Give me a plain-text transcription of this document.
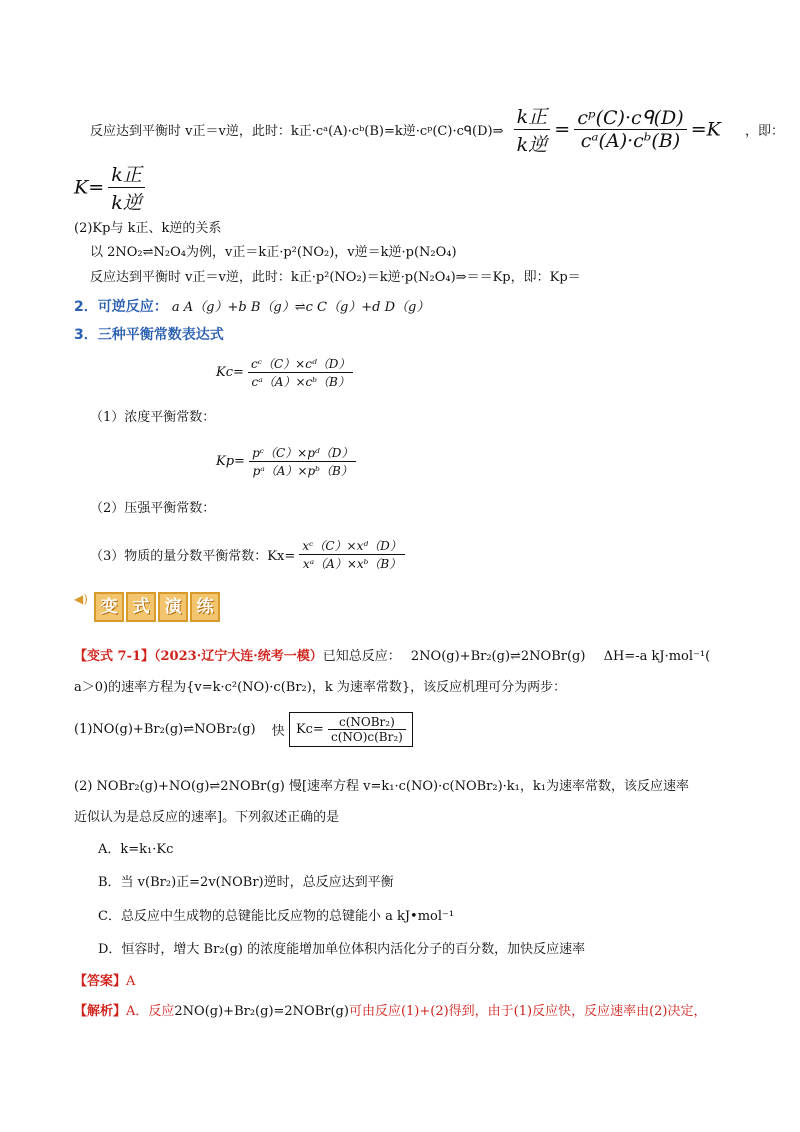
反应达到平衡时 v正＝v逆，此时：k正·cᵃ(A)·cᵇ(B)=k逆·cᵖ(C)·cᑫ(D)⇒ $\frac{\text{k正}}{\text{k逆}} = \frac{\text{cᵖ(C)·cᑫ(D)}}{\text{cᵃ(A)·cᵇ(B)}} =K$ ，即：
$K= \frac{\text{k正}}{\text{k逆}}$
(2)Kp与 k正、k逆的关系
以 2NO₂⇌N₂O₄为例，v正＝k正·p²(NO₂)，v逆＝k逆·p(N₂O₄)
反应达到平衡时 v正＝v逆，此时：k正·p²(NO₂)＝k逆·p(N₂O₄)⇒＝＝Kp，即：Kp＝
2．可逆反应： a A（g）+b B（g）⇌c C（g）+d D（g）
3．三种平衡常数表达式
$Kc= \frac{\text{cᶜ（C）×cᵈ（D）}}{\text{cᵃ（A）×cᵇ（B）}}$
（1）浓度平衡常数：
$Kp= \frac{\text{pᶜ（C）×pᵈ（D）}}{\text{pᵃ（A）×pᵇ（B）}}$
（2）压强平衡常数：
（3）物质的量分数平衡常数：$Kx= \frac{\text{xᶜ（C）×xᵈ（D）}}{\text{xᵃ（A）×xᵇ（B）}}$
◀) 变 式 演 练
【变式 7-1】（2023·辽宁大连·统考一模）已知总反应： 2NO(g)+Br₂(g)⇌2NOBr(g) ΔH=-a kJ·mol⁻¹(
a＞0)的速率方程为{v=k·c²(NO)·c(Br₂)，k 为速率常数}，该反应机理可分为两步：
(1)NO(g)+Br₂(g)⇌NOBr₂(g) 快 $Kc= \frac{\text{c(NOBr₂)}}{\text{c(NO)c(Br₂)}}$
(2) NOBr₂(g)+NO(g)⇌2NOBr(g) 慢[速率方程 v=k₁·c(NO)·c(NOBr₂)·k₁，k₁为速率常数，该反应速率
近似认为是总反应的速率]。下列叙述正确的是
A．k=k₁·Kc
B．当 v(Br₂)正=2v(NOBr)逆时，总反应达到平衡
C．总反应中生成物的总键能比反应物的总键能小 a kJ•mol⁻¹
D．恒容时，增大 Br₂(g) 的浓度能增加单位体积内活化分子的百分数，加快反应速率
【答案】A
【解析】A．反应2NO(g)+Br₂(g)=2NOBr(g)可由反应(1)+(2)得到，由于(1)反应快，反应速率由(2)决定，
